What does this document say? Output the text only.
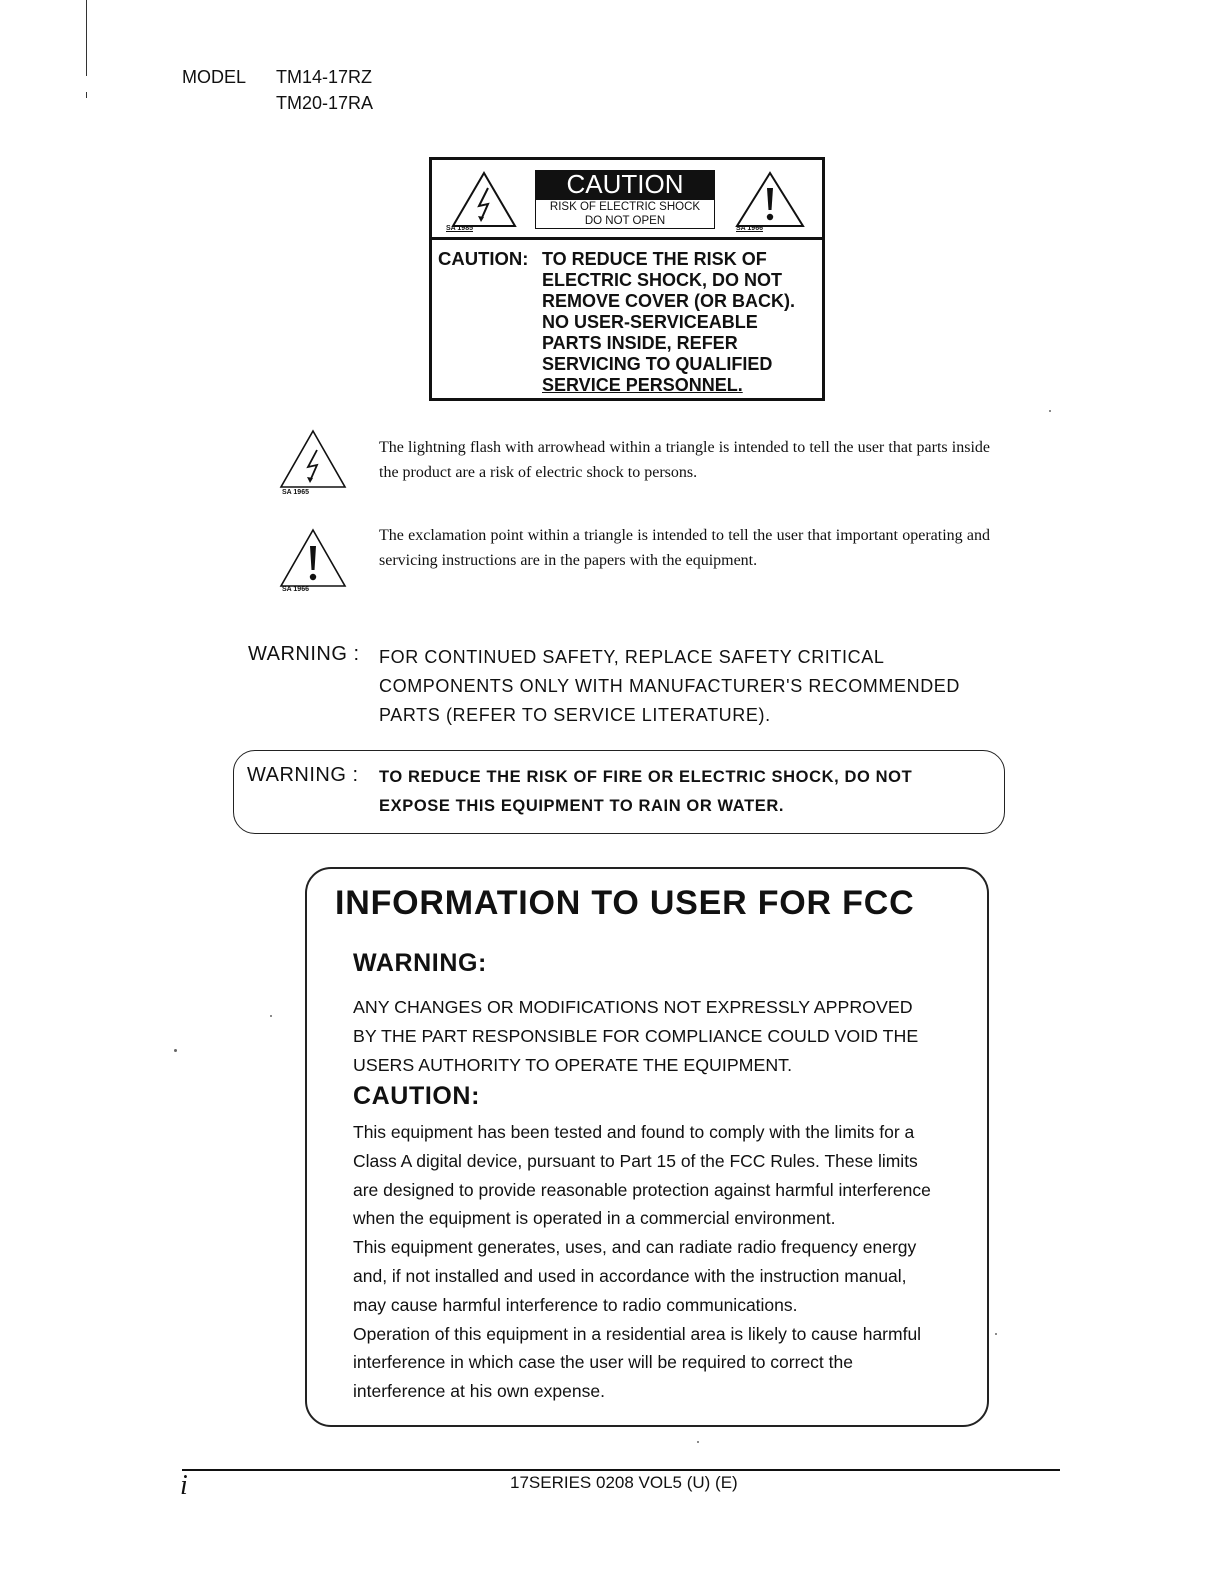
MODEL TM14-17RZ
TM20-17RA
SA 1985
CAUTION
RISK OF ELECTRIC SHOCK
DO NOT OPEN
SA 1966
CAUTION: TO REDUCE THE RISK OF
ELECTRIC SHOCK, DO NOT
REMOVE COVER (OR BACK).
NO USER-SERVICEABLE
PARTS INSIDE, REFER
SERVICING TO QUALIFIED
SERVICE PERSONNEL.
SA 1965
The lightning flash with arrowhead within a triangle is intended to tell the user that parts inside the product are a risk of electric shock to persons.
SA 1966
The exclamation point within a triangle is intended to tell the user that important operating and servicing instructions are in the papers with the equipment.
WARNING : FOR CONTINUED SAFETY, REPLACE SAFETY CRITICAL
COMPONENTS ONLY WITH MANUFACTURER'S RECOMMENDED
PARTS (REFER TO SERVICE LITERATURE).
WARNING : TO REDUCE THE RISK OF FIRE OR ELECTRIC SHOCK, DO NOT
EXPOSE THIS EQUIPMENT TO RAIN OR WATER.
INFORMATION TO USER FOR FCC
WARNING:
ANY CHANGES OR MODIFICATIONS NOT EXPRESSLY APPROVED
BY THE PART RESPONSIBLE FOR COMPLIANCE COULD VOID THE
USERS AUTHORITY TO OPERATE THE EQUIPMENT.
CAUTION:
This equipment has been tested and found to comply with the limits for a
Class A digital device, pursuant to Part 15 of the FCC Rules. These limits
are designed to provide reasonable protection against harmful interference
when the equipment is operated in a commercial environment.
This equipment generates, uses, and can radiate radio frequency energy
and, if not installed and used in accordance with the instruction manual,
may cause harmful interference to radio communications.
Operation of this equipment in a residential area is likely to cause harmful
interference in which case the user will be required to correct the
interference at his own expense.
i	17SERIES 0208 VOL5 (U) (E)
